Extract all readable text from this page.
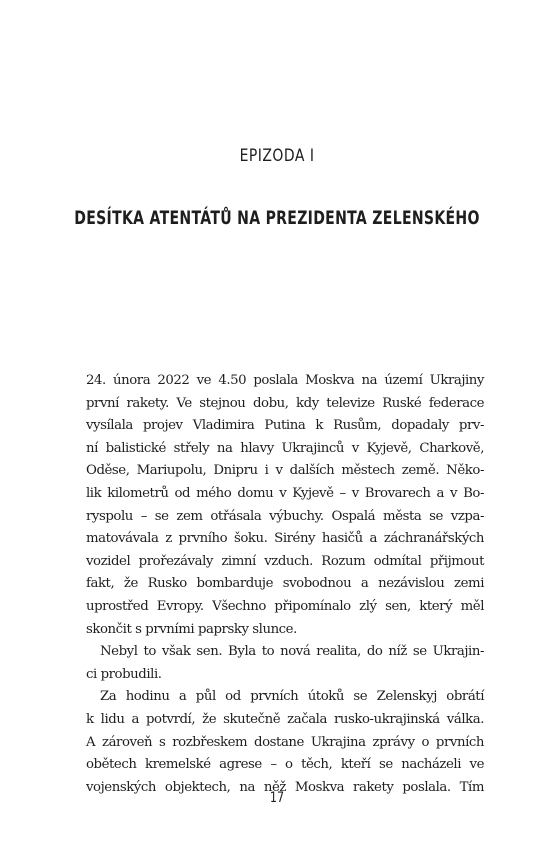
EPIZODA I
DESÍTKA ATENTÁTŮ NA PREZIDENTA ZELENSKÉHO
24. února 2022 ve 4.50 poslala Moskva na území Ukrajiny
první rakety. Ve stejnou dobu, kdy televize Ruské federace
vysílala projev Vladimira Putina k Rusům, dopadaly prv-
ní balistické střely na hlavy Ukrajinců v Kyjevě, Charkově,
Oděse, Mariupolu, Dnipru i v dalších městech země. Něko-
lik kilometrů od mého domu v Kyjevě – v Brovarech a v Bo-
ryspolu – se zem otřásala výbuchy. Ospalá města se vzpa-
matovávala z prvního šoku. Sirény hasičů a záchranářských
vozidel prořezávaly zimní vzduch. Rozum odmítal přijmout
fakt, že Rusko bombarduje svobodnou a nezávislou zemi
uprostřed Evropy. Všechno připomínalo zlý sen, který měl
skončit s prvními paprsky slunce.
Nebyl to však sen. Byla to nová realita, do níž se Ukrajin-
ci probudili.
Za hodinu a půl od prvních útoků se Zelenskyj obrátí
k lidu a potvrdí, že skutečně začala rusko-ukrajinská válka.
A zároveň s rozbřeskem dostane Ukrajina zprávy o prvních
obětech kremelské agrese – o těch, kteří se nacházeli ve
vojenských objektech, na něž Moskva rakety poslala. Tím
17
